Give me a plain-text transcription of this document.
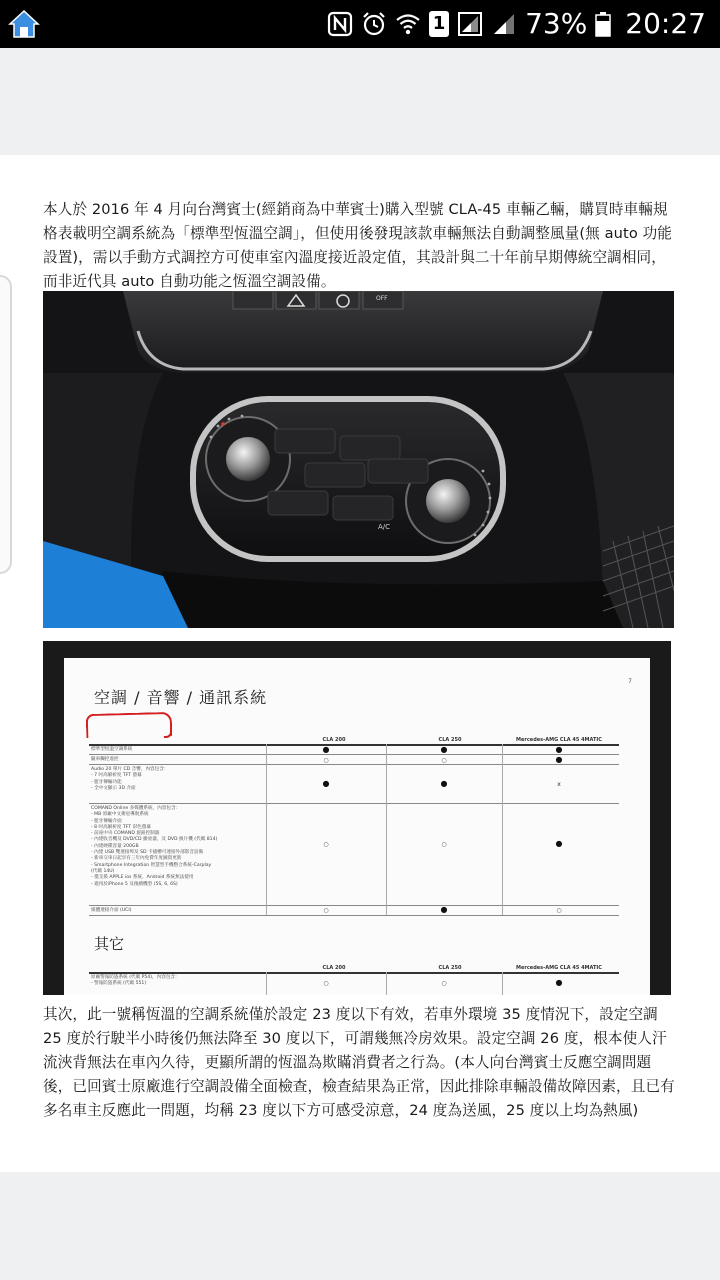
1	73% 20:27

本人於 2016 年 4 月向台灣賓士(經銷商為中華賓士)購入型號 CLA-45 車輛乙輛，購買時車輛規格表載明空調系統為「標準型恆溫空調」，但使用後發現該款車輛無法自動調整風量(無 auto 功能設置)，需以手動方式調控方可使車室內溫度接近設定值，其設計與二十年前早期傳統空調相同，而非近代具 auto 自動功能之恆溫空調設備。

OFF
A/C
7
空調 / 音響 / 通訊系統
CLA 200	CLA 250	Mercedes-AMG CLA 45 4MATIC
標準型恆溫空調系統	●	●	●
隨車觸控遙控	○	○	●
Audio 20 單片 CD 音響，內容包含：
- 7 吋高解析度 TFT 螢幕
- 藍牙傳輸功能
- 全中文顯示 3D 介面
●	●	x
COMAND Online 多媒體系統，內容包含：
- MB 原廠中文衛星導航系統
- 藍牙傳輸介面
- 8 吋高解析度 TFT 彩色螢幕
- 前座中央 COMAND 旋鈕控制器
- 內建收音機及 DVD/CD 播放器，及 DVD 換片機 (代碼 814)
- 內建硬碟容量 200GB
- 內建 USB 雙連接埠及 SD 卡插槽可連接外部影音設備
- 新車交車日起享有三年內免費年度圖資更新
- Smartphone Integration 智慧型手機整合系統-Carplay
(代碼 14U)
- 僅支援 APPLE ios 系統，Android 系統無法使用
- 適用於iPhone 5 及後續機型 (5S, 6, 6S)
○	○	●
媒體連接介面 (UCI)	○	●	○
其它
CLA 200	CLA 250	Mercedes-AMG CLA 45 4MATIC
原廠警報防盜系統 (代碼 P54)，內容包含：
- 警報防盜系統 (代碼 551)	○	○	●

其次，此一號稱恆溫的空調系統僅於設定 23 度以下有效，若車外環境 35 度情況下，設定空調 25 度於行駛半小時後仍無法降至 30 度以下，可謂幾無冷房效果。設定空調 26 度，根本使人汗流浹背無法在車內久待，更顯所謂的恆溫為欺瞞消費者之行為。(本人向台灣賓士反應空調問題後，已回賓士原廠進行空調設備全面檢查，檢查結果為正常，因此排除車輛設備故障因素，且已有多名車主反應此一問題，均稱 23 度以下方可感受涼意，24 度為送風，25 度以上均為熱風)
